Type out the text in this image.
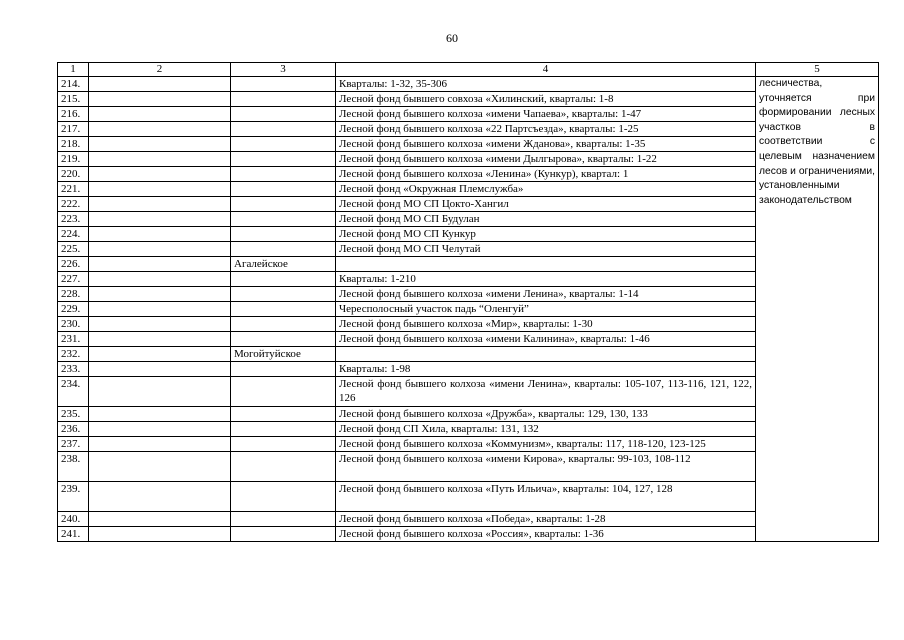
60
1	2	3	4	5
214.			Кварталы: 1-32, 35-306	лесничества, уточняется при формировании лесных участков в соответствии с целевым назначением лесов и ограничениями, установленными законодательством
215.			Лесной фонд бывшего совхоза «Хилинский, кварталы: 1-8	
216.			Лесной фонд бывшего колхоза «имени Чапаева», кварталы: 1-47	
217.			Лесной фонд бывшего колхоза «22 Партсъезда», кварталы: 1-25	
218.			Лесной фонд бывшего колхоза «имени Жданова», кварталы: 1-35	
219.			Лесной фонд бывшего колхоза «имени Дылгырова», кварталы: 1-22	
220.			Лесной фонд бывшего колхоза «Ленина» (Кункур), квартал: 1	
221.			Лесной фонд «Окружная Племслужба»	
222.			Лесной фонд МО СП Цокто-Хангил	
223.			Лесной фонд МО СП Будулан	
224.			Лесной фонд МО СП Кункур	
225.			Лесной фонд МО СП Челутай	
226.		Агалейское		
227.			Кварталы: 1-210	
228.			Лесной фонд бывшего колхоза «имени Ленина», кварталы: 1-14	
229.			Чересполосный участок падь “Оленгуй”	
230.			Лесной фонд бывшего колхоза «Мир», кварталы: 1-30	
231.			Лесной фонд бывшего колхоза «имени Калинина», кварталы: 1-46	
232.		Могойтуйское		
233.			Кварталы: 1-98	
234.			Лесной фонд бывшего колхоза «имени Ленина», кварталы: 105-107, 113-116, 121, 122, 126	
235.			Лесной фонд бывшего колхоза «Дружба», кварталы: 129, 130, 133	
236.			Лесной фонд СП Хила, кварталы: 131, 132	
237.			Лесной фонд бывшего колхоза «Коммунизм», кварталы: 117, 118-120, 123-125	
238.			Лесной фонд бывшего колхоза «имени Кирова», кварталы: 99-103, 108-112	
239.			Лесной фонд бывшего колхоза «Путь Ильича», кварталы: 104, 127, 128	
240.			Лесной фонд бывшего колхоза «Победа», кварталы: 1-28	
241.			Лесной фонд бывшего колхоза «Россия», кварталы: 1-36	
